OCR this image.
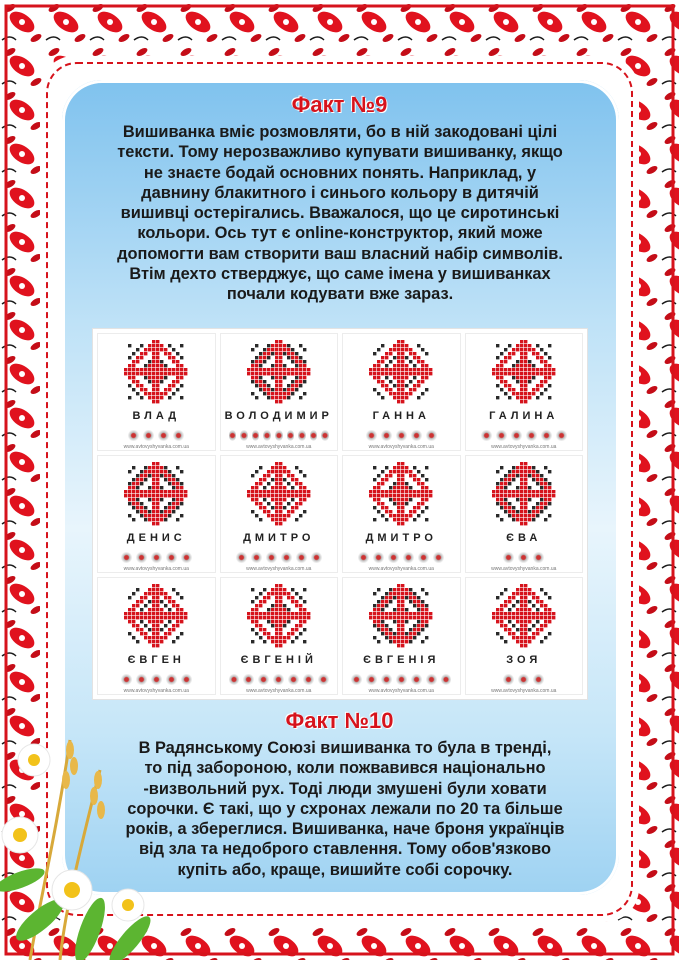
Факт №9
Вишиванка вміє розмовляти, бо в ній закодовані цілі
тексти. Тому нерозважливо купувати вишиванку, якщо
не знаєте бодай основних понять. Наприклад, у
давнину блакитного і синього кольору в дитячій
вишивці остерігались. Вважалося, що це сиротинські
кольори. Ось тут є online-конструктор, який може
допомогти вам створити ваш власний набір символів.
Втім дехто стверджує, що саме імена у вишиванках
почали кодувати вже зараз.
ВЛАД
www.avtovyshyvanka.com.ua
ВОЛОДИМИР
www.avtovyshyvanka.com.ua
ГАННА
www.avtovyshyvanka.com.ua
ГАЛИНА
www.avtovyshyvanka.com.ua
ДЕНИС
www.avtovyshyvanka.com.ua
ДМИТРО
www.avtovyshyvanka.com.ua
ДМИТРО
www.avtovyshyvanka.com.ua
ЄВА
www.avtovyshyvanka.com.ua
ЄВГЕН
www.avtovyshyvanka.com.ua
ЄВГЕНІЙ
www.avtovyshyvanka.com.ua
ЄВГЕНІЯ
www.avtovyshyvanka.com.ua
ЗОЯ
www.avtovyshyvanka.com.ua
Факт №10
В Радянському Союзі вишиванка то була в тренді,
то під забороною, коли пожвавився національно
-визвольний рух. Тоді люди змушені були ховати
сорочки. Є такі, що у схронах лежали по 20 та більше
років, а збереглися. Вишиванка, наче броня українців
від зла та недоброго ставлення. Тому обов'язково
купіть або, краще, вишийте собі сорочку.
